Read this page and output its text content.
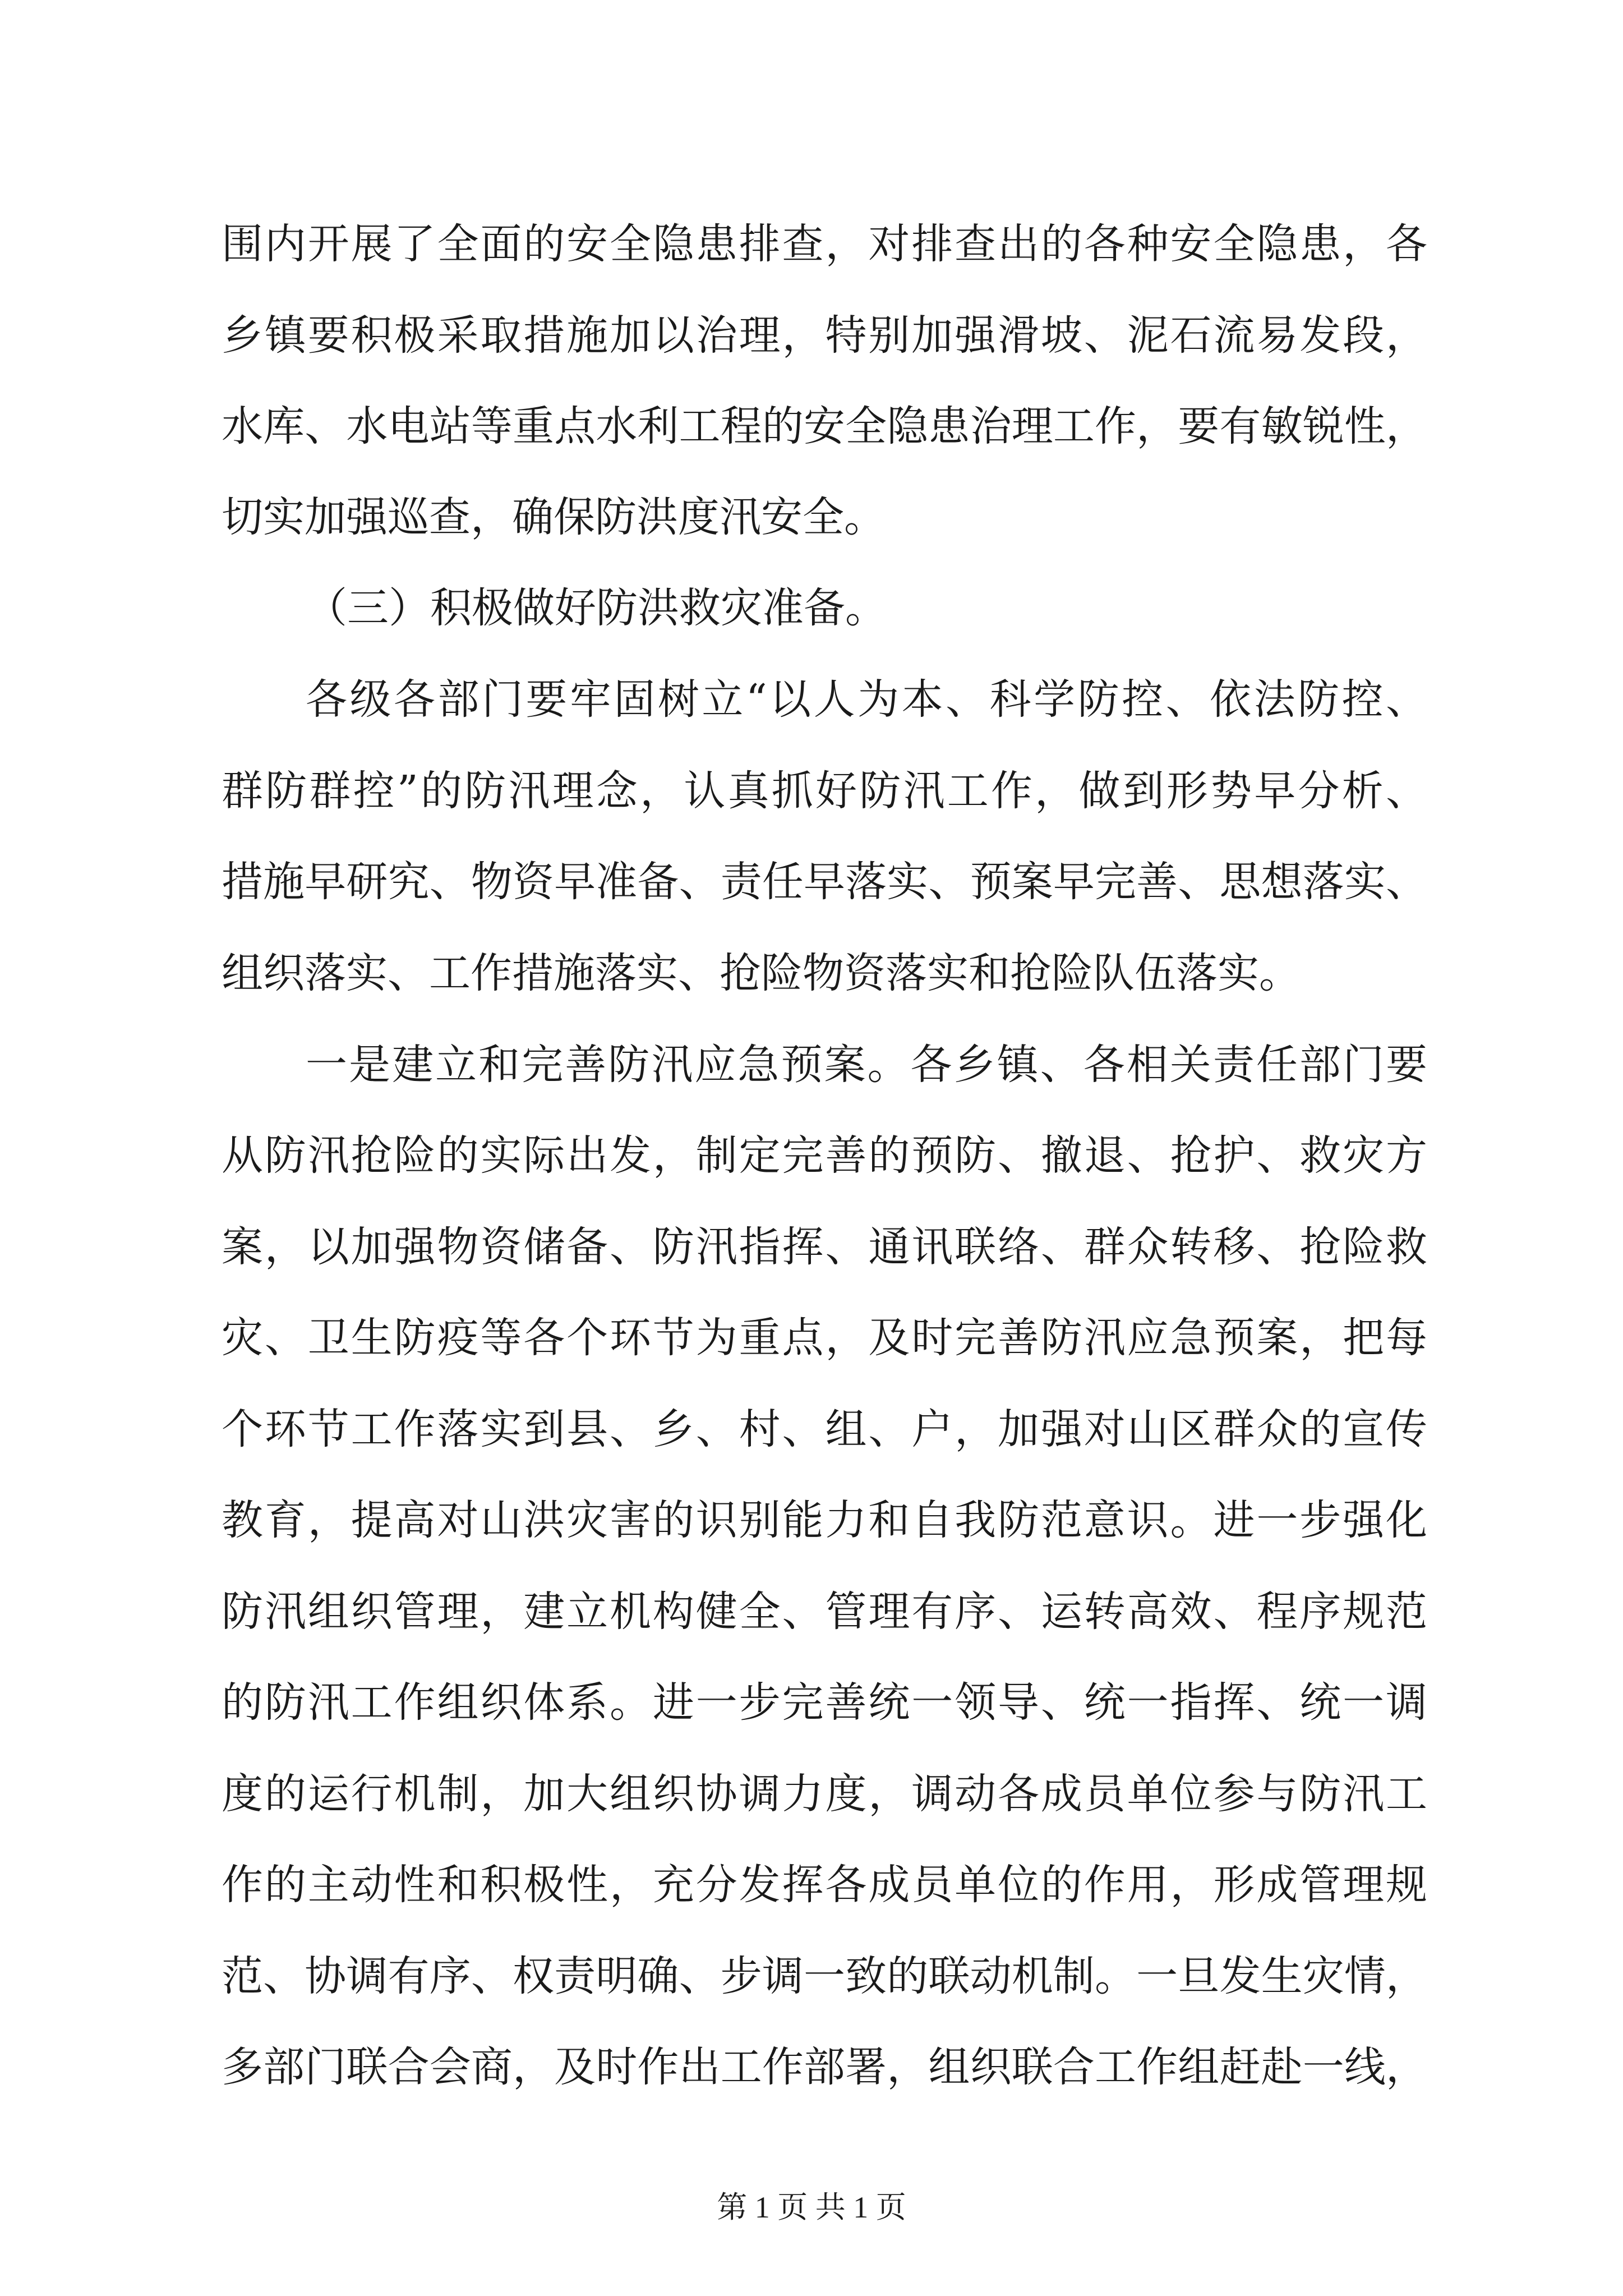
围内开展了全面的安全隐患排查，对排查出的各种安全隐患，各
乡镇要积极采取措施加以治理，特别加强滑坡、泥石流易发段，
水库、水电站等重点水利工程的安全隐患治理工作，要有敏锐性，
切实加强巡查，确保防洪度汛安全。
（三）积极做好防洪救灾准备。
各级各部门要牢固树立“以人为本、科学防控、依法防控、
群防群控”的防汛理念，认真抓好防汛工作，做到形势早分析、
措施早研究、物资早准备、责任早落实、预案早完善、思想落实、
组织落实、工作措施落实、抢险物资落实和抢险队伍落实。
一是建立和完善防汛应急预案。各乡镇、各相关责任部门要
从防汛抢险的实际出发，制定完善的预防、撤退、抢护、救灾方
案，以加强物资储备、防汛指挥、通讯联络、群众转移、抢险救
灾、卫生防疫等各个环节为重点，及时完善防汛应急预案，把每
个环节工作落实到县、乡、村、组、户，加强对山区群众的宣传
教育，提高对山洪灾害的识别能力和自我防范意识。进一步强化
防汛组织管理，建立机构健全、管理有序、运转高效、程序规范
的防汛工作组织体系。进一步完善统一领导、统一指挥、统一调
度的运行机制，加大组织协调力度，调动各成员单位参与防汛工
作的主动性和积极性，充分发挥各成员单位的作用，形成管理规
范、协调有序、权责明确、步调一致的联动机制。一旦发生灾情，
多部门联合会商，及时作出工作部署，组织联合工作组赶赴一线，
第 1 页 共 1 页
